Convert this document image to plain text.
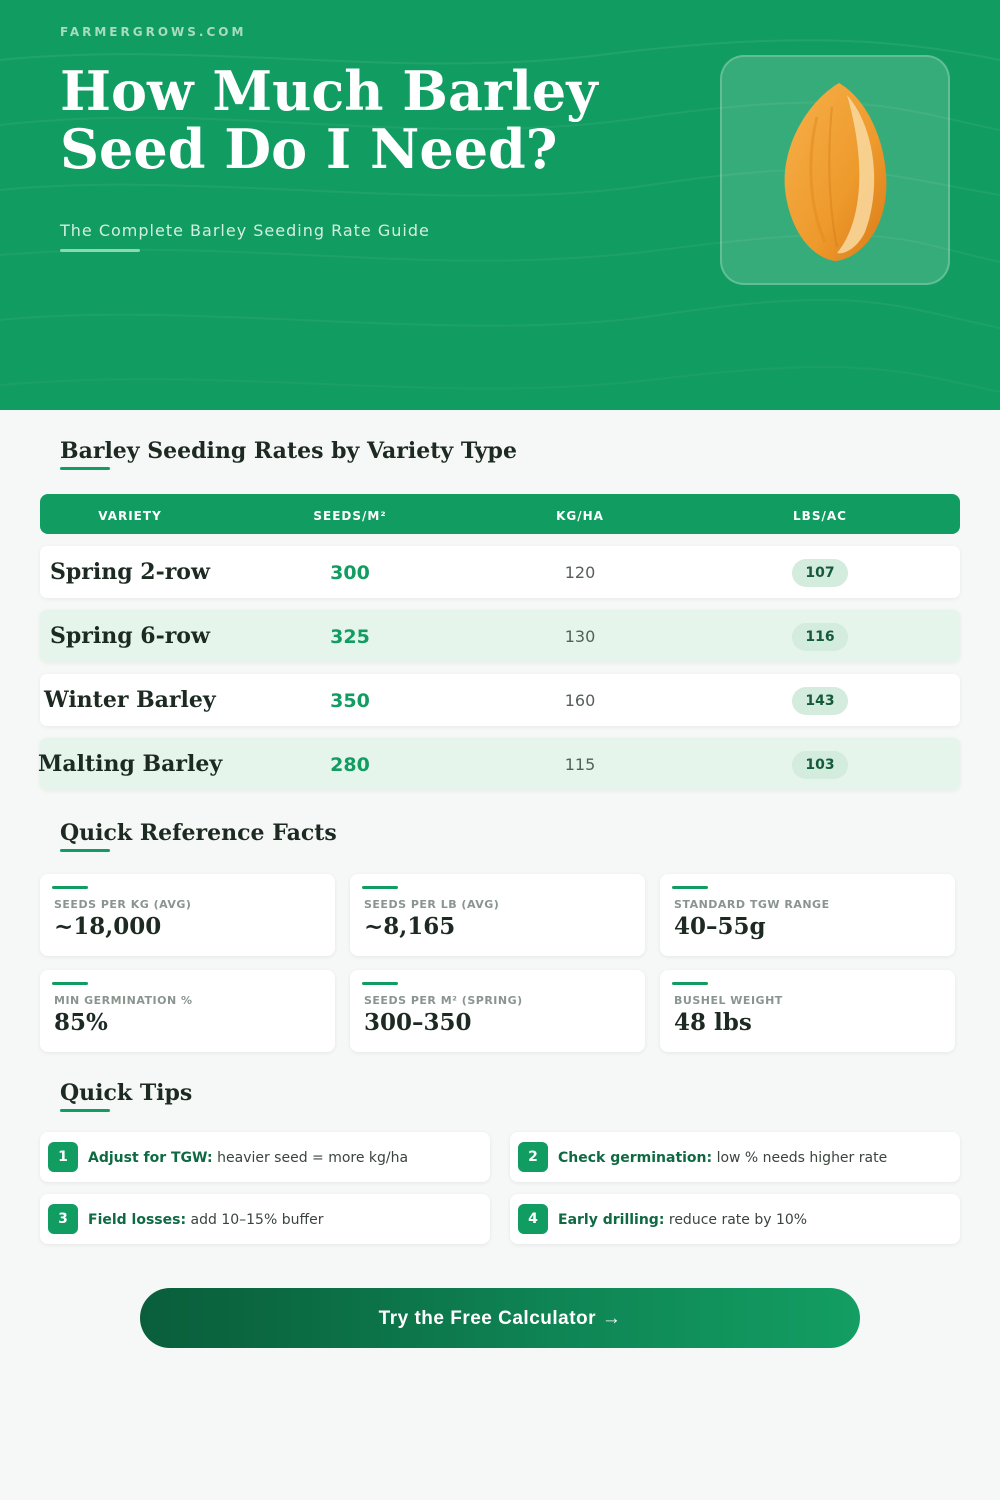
FARMERGROWS.COM
How Much Barley
Seed Do I Need?
The Complete Barley Seeding Rate Guide
Barley Seeding Rates by Variety Type
VARIETY	SEEDS/M²	KG/HA	LBS/AC
Spring 2-row	300	120	107
Spring 6-row	325	130	116
Winter Barley	350	160	143
Malting Barley	280	115	103
Quick Reference Facts
SEEDS PER KG (AVG)
~18,000
SEEDS PER LB (AVG)
~8,165
STANDARD TGW RANGE
40–55g
MIN GERMINATION %
85%
SEEDS PER M² (SPRING)
300–350
BUSHEL WEIGHT
48 lbs
Quick Tips
1	Adjust for TGW: heavier seed = more kg/ha	2	Check germination: low % needs higher rate
3	Field losses: add 10–15% buffer	4	Early drilling: reduce rate by 10%
Try the Free Calculator →
